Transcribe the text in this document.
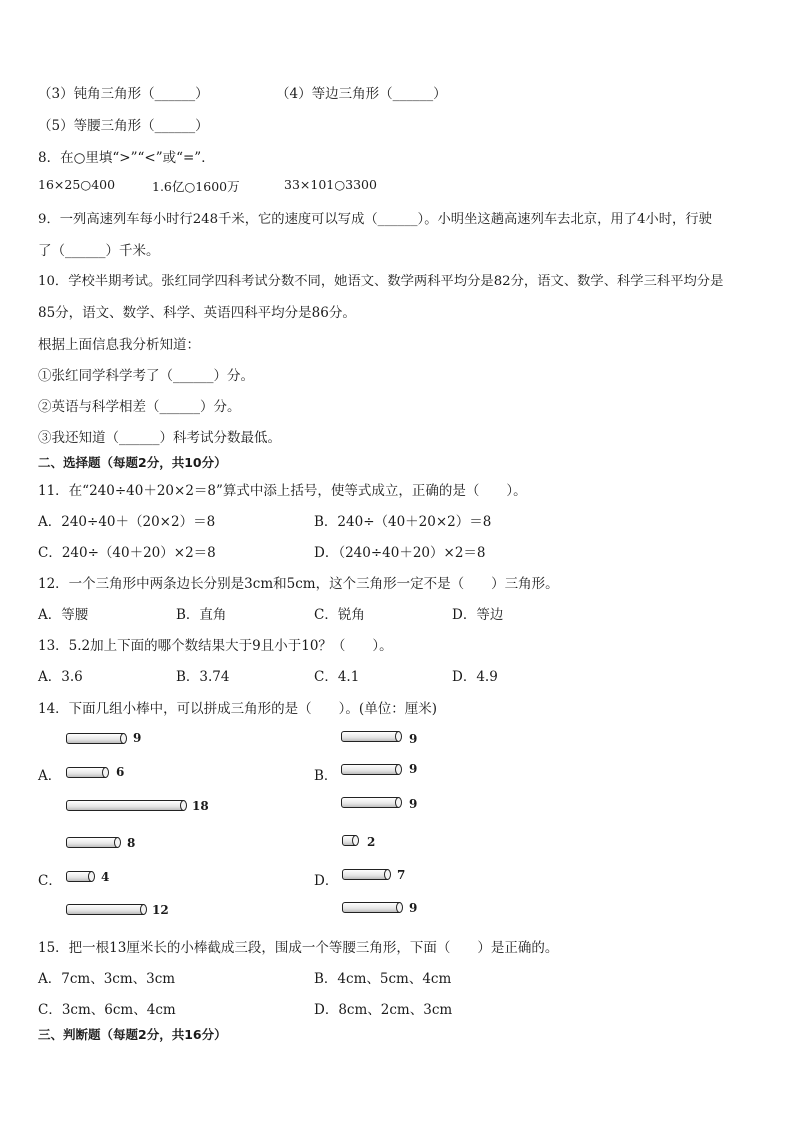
（3）钝角三角形（______）	（4）等边三角形（______）
（5）等腰三角形（______）
8．在○里填“>”“<”或“=”．
16×25○400	1.6亿○1600万	33×101○3300
9．一列高速列车每小时行248千米，它的速度可以写成（______）。小明坐这趟高速列车去北京，用了4小时，行驶
了（______）千米。
10．学校半期考试。张红同学四科考试分数不同，她语文、数学两科平均分是82分，语文、数学、科学三科平均分是
85分，语文、数学、科学、英语四科平均分是86分。
根据上面信息我分析知道：
①张红同学科学考了（______）分。
②英语与科学相差（______）分。
③我还知道（______）科考试分数最低。
二、选择题（每题2分，共10分）
11．在“240÷40＋20×2＝8”算式中添上括号，使等式成立，正确的是（　　）。
A．240÷40＋（20×2）＝8	B．240÷（40＋20×2）＝8
C．240÷（40＋20）×2＝8	D．（240÷40＋20）×2＝8
12．一个三角形中两条边长分别是3cm和5cm，这个三角形一定不是（　　）三角形。
A．等腰	B．直角	C．锐角	D．等边
13．5.2加上下面的哪个数结果大于9且小于10？（　　）。
A．3.6	B．3.74	C．4.1	D．4.9
14．下面几组小棒中，可以拼成三角形的是（　　）。(单位：厘米)
A．
9
6
18
B．
9
9
9
C．
8
4
12
D．
2
7
9
15．把一根13厘米长的小棒截成三段，围成一个等腰三角形，下面（　　）是正确的。
A．7cm、3cm、3cm	B．4cm、5cm、4cm
C．3cm、6cm、4cm	D．8cm、2cm、3cm
三、判断题（每题2分，共16分）
